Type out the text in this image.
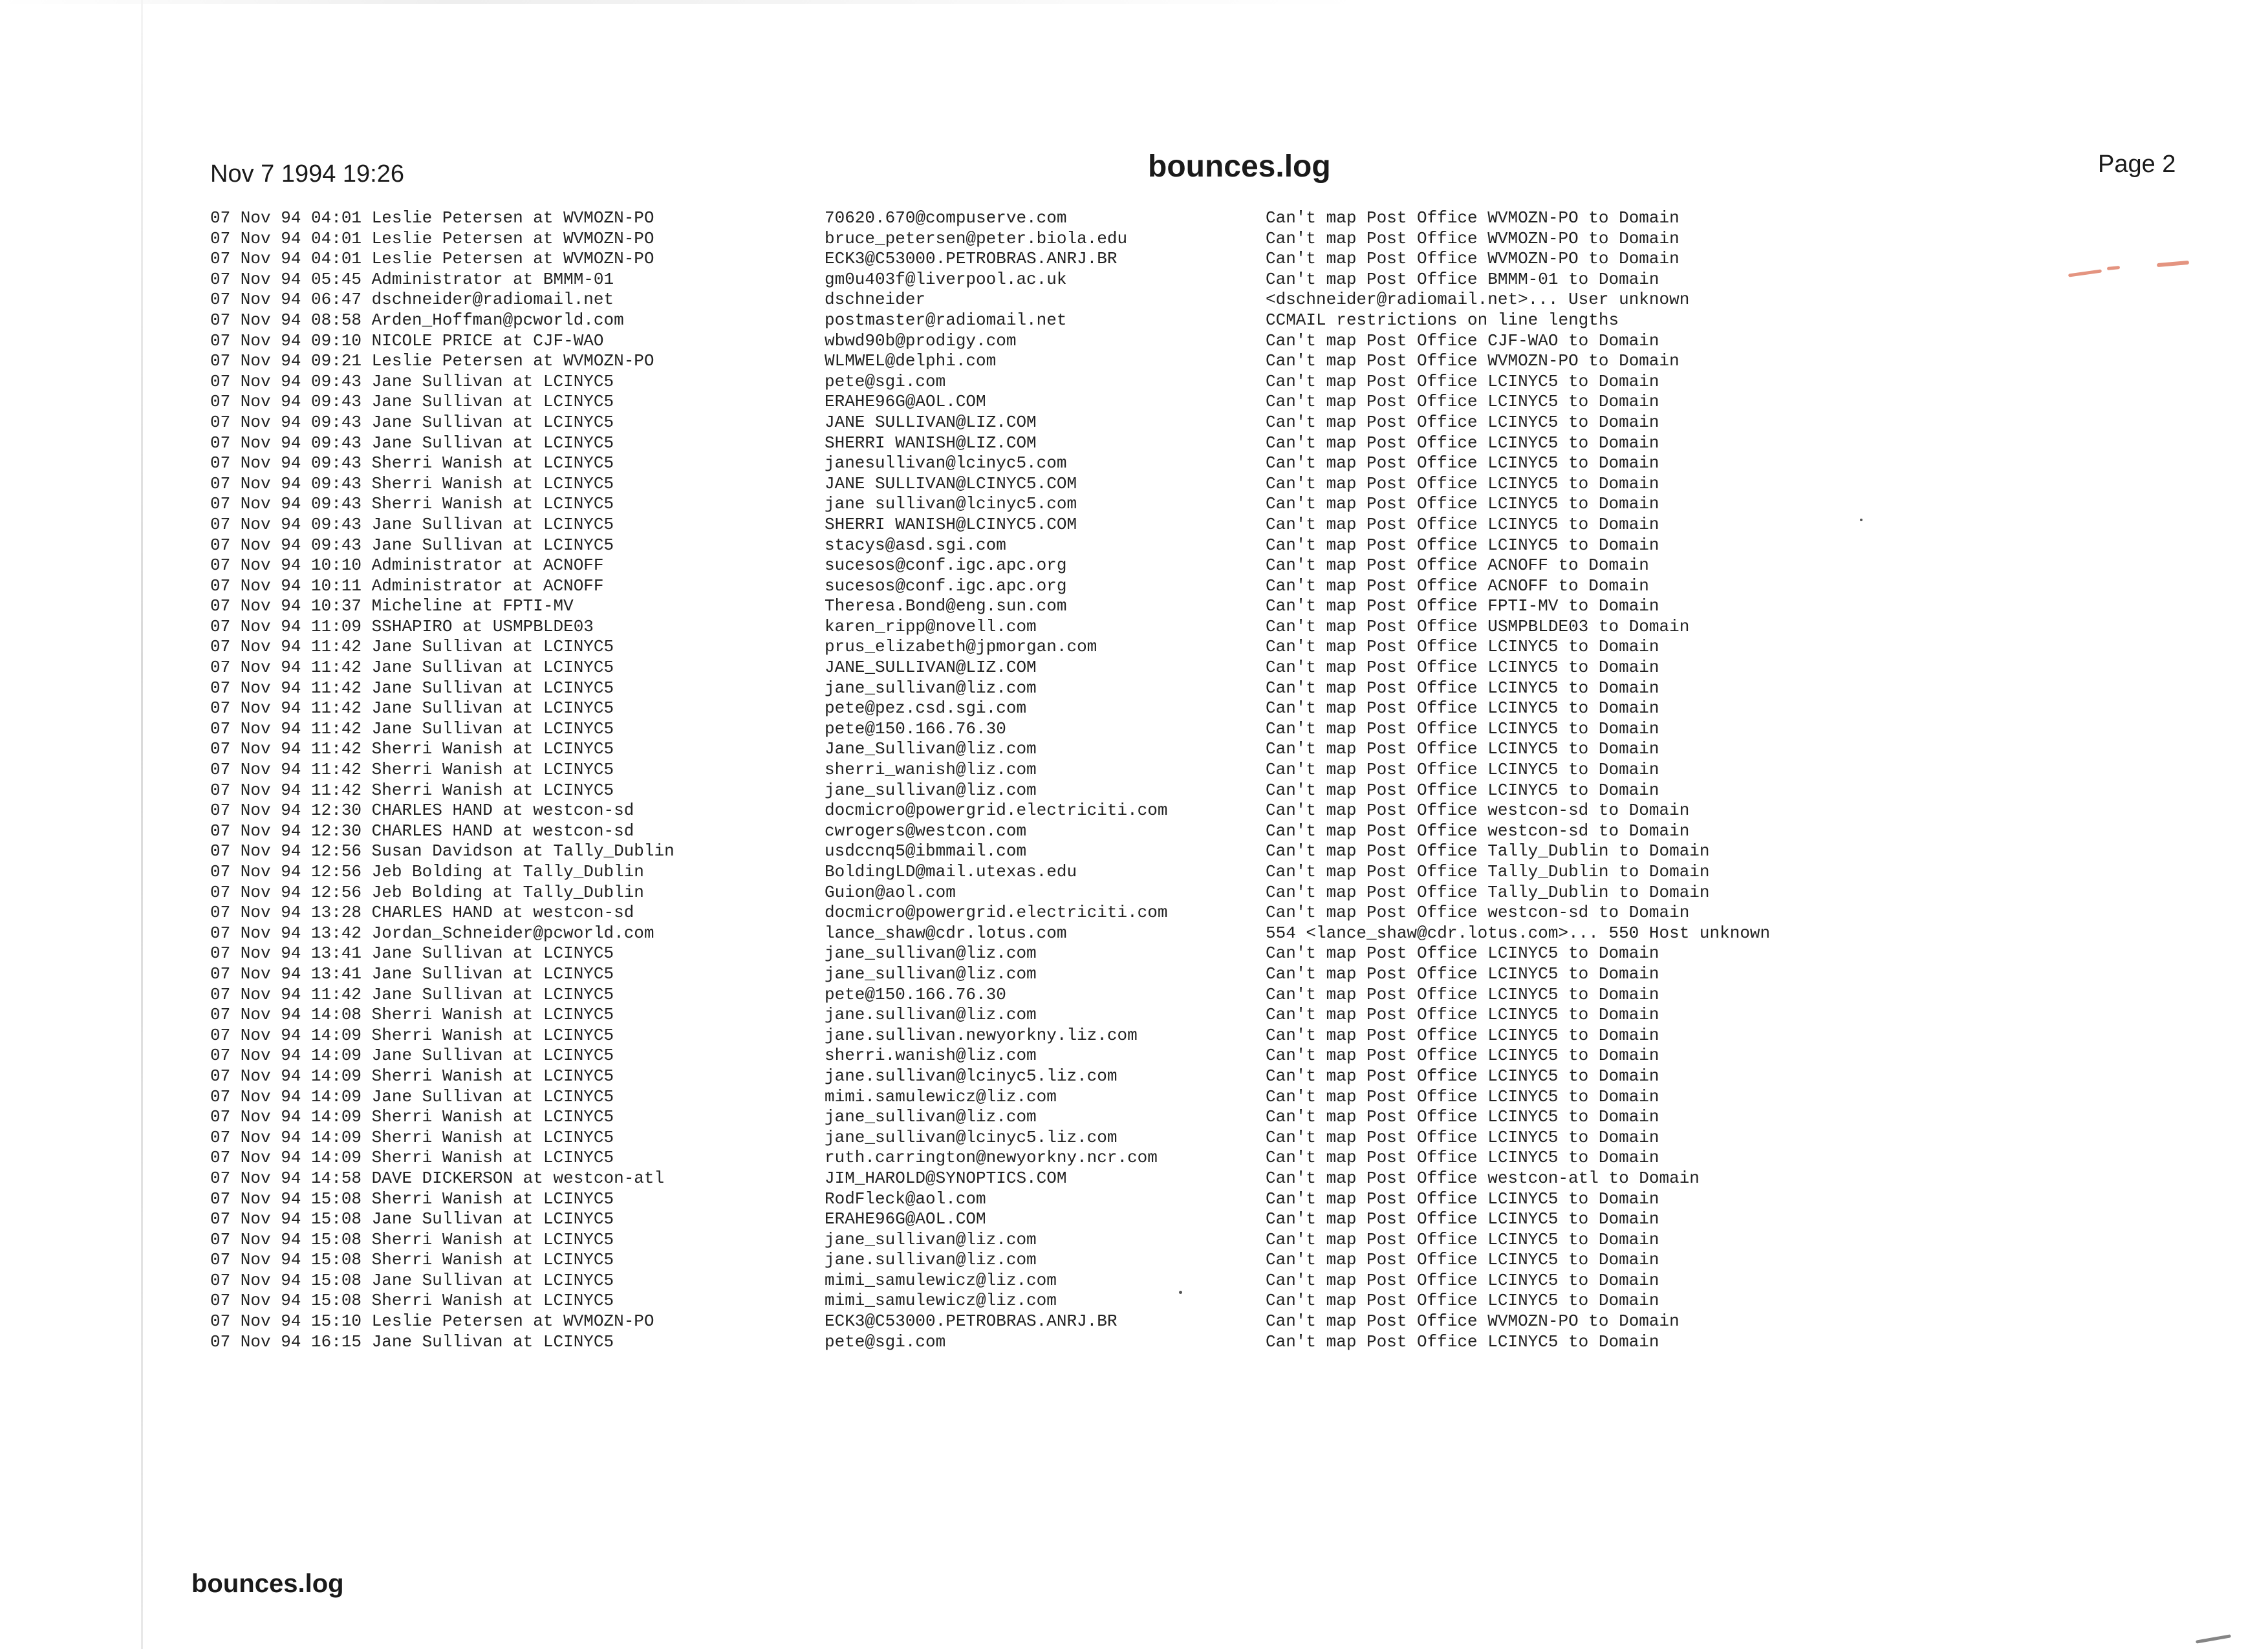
Nov 7 1994 19:26	bounces.log	Page 2
07 Nov 94 04:01 Leslie Petersen at WVMOZN-PO	70620.670@compuserve.com	Can't map Post Office WVMOZN-PO to Domain
07 Nov 94 04:01 Leslie Petersen at WVMOZN-PO	bruce_petersen@peter.biola.edu	Can't map Post Office WVMOZN-PO to Domain
07 Nov 94 04:01 Leslie Petersen at WVMOZN-PO	ECK3@C53000.PETROBRAS.ANRJ.BR	Can't map Post Office WVMOZN-PO to Domain
07 Nov 94 05:45 Administrator at BMMM-01	gm0u403f@liverpool.ac.uk	Can't map Post Office BMMM-01 to Domain
07 Nov 94 06:47 dschneider@radiomail.net	dschneider	<dschneider@radiomail.net>... User unknown
07 Nov 94 08:58 Arden_Hoffman@pcworld.com	postmaster@radiomail.net	CCMAIL restrictions on line lengths
07 Nov 94 09:10 NICOLE PRICE at CJF-WAO	wbwd90b@prodigy.com	Can't map Post Office CJF-WAO to Domain
07 Nov 94 09:21 Leslie Petersen at WVMOZN-PO	WLMWEL@delphi.com	Can't map Post Office WVMOZN-PO to Domain
07 Nov 94 09:43 Jane Sullivan at LCINYC5	pete@sgi.com	Can't map Post Office LCINYC5 to Domain
07 Nov 94 09:43 Jane Sullivan at LCINYC5	ERAHE96G@AOL.COM	Can't map Post Office LCINYC5 to Domain
07 Nov 94 09:43 Jane Sullivan at LCINYC5	JANE SULLIVAN@LIZ.COM	Can't map Post Office LCINYC5 to Domain
07 Nov 94 09:43 Jane Sullivan at LCINYC5	SHERRI WANISH@LIZ.COM	Can't map Post Office LCINYC5 to Domain
07 Nov 94 09:43 Sherri Wanish at LCINYC5	janesullivan@lcinyc5.com	Can't map Post Office LCINYC5 to Domain
07 Nov 94 09:43 Sherri Wanish at LCINYC5	JANE SULLIVAN@LCINYC5.COM	Can't map Post Office LCINYC5 to Domain
07 Nov 94 09:43 Sherri Wanish at LCINYC5	jane sullivan@lcinyc5.com	Can't map Post Office LCINYC5 to Domain
07 Nov 94 09:43 Jane Sullivan at LCINYC5	SHERRI WANISH@LCINYC5.COM	Can't map Post Office LCINYC5 to Domain
07 Nov 94 09:43 Jane Sullivan at LCINYC5	stacys@asd.sgi.com	Can't map Post Office LCINYC5 to Domain
07 Nov 94 10:10 Administrator at ACNOFF	sucesos@conf.igc.apc.org	Can't map Post Office ACNOFF to Domain
07 Nov 94 10:11 Administrator at ACNOFF	sucesos@conf.igc.apc.org	Can't map Post Office ACNOFF to Domain
07 Nov 94 10:37 Micheline at FPTI-MV	Theresa.Bond@eng.sun.com	Can't map Post Office FPTI-MV to Domain
07 Nov 94 11:09 SSHAPIRO at USMPBLDE03	karen_ripp@novell.com	Can't map Post Office USMPBLDE03 to Domain
07 Nov 94 11:42 Jane Sullivan at LCINYC5	prus_elizabeth@jpmorgan.com	Can't map Post Office LCINYC5 to Domain
07 Nov 94 11:42 Jane Sullivan at LCINYC5	JANE_SULLIVAN@LIZ.COM	Can't map Post Office LCINYC5 to Domain
07 Nov 94 11:42 Jane Sullivan at LCINYC5	jane_sullivan@liz.com	Can't map Post Office LCINYC5 to Domain
07 Nov 94 11:42 Jane Sullivan at LCINYC5	pete@pez.csd.sgi.com	Can't map Post Office LCINYC5 to Domain
07 Nov 94 11:42 Jane Sullivan at LCINYC5	pete@150.166.76.30	Can't map Post Office LCINYC5 to Domain
07 Nov 94 11:42 Sherri Wanish at LCINYC5	Jane_Sullivan@liz.com	Can't map Post Office LCINYC5 to Domain
07 Nov 94 11:42 Sherri Wanish at LCINYC5	sherri_wanish@liz.com	Can't map Post Office LCINYC5 to Domain
07 Nov 94 11:42 Sherri Wanish at LCINYC5	jane_sullivan@liz.com	Can't map Post Office LCINYC5 to Domain
07 Nov 94 12:30 CHARLES HAND at westcon-sd	docmicro@powergrid.electriciti.com	Can't map Post Office westcon-sd to Domain
07 Nov 94 12:30 CHARLES HAND at westcon-sd	cwrogers@westcon.com	Can't map Post Office westcon-sd to Domain
07 Nov 94 12:56 Susan Davidson at Tally_Dublin	usdccnq5@ibmmail.com	Can't map Post Office Tally_Dublin to Domain
07 Nov 94 12:56 Jeb Bolding at Tally_Dublin	BoldingLD@mail.utexas.edu	Can't map Post Office Tally_Dublin to Domain
07 Nov 94 12:56 Jeb Bolding at Tally_Dublin	Guion@aol.com	Can't map Post Office Tally_Dublin to Domain
07 Nov 94 13:28 CHARLES HAND at westcon-sd	docmicro@powergrid.electriciti.com	Can't map Post Office westcon-sd to Domain
07 Nov 94 13:42 Jordan_Schneider@pcworld.com	lance_shaw@cdr.lotus.com	554 <lance_shaw@cdr.lotus.com>... 550 Host unknown
07 Nov 94 13:41 Jane Sullivan at LCINYC5	jane_sullivan@liz.com	Can't map Post Office LCINYC5 to Domain
07 Nov 94 13:41 Jane Sullivan at LCINYC5	jane_sullivan@liz.com	Can't map Post Office LCINYC5 to Domain
07 Nov 94 11:42 Jane Sullivan at LCINYC5	pete@150.166.76.30	Can't map Post Office LCINYC5 to Domain
07 Nov 94 14:08 Sherri Wanish at LCINYC5	jane.sullivan@liz.com	Can't map Post Office LCINYC5 to Domain
07 Nov 94 14:09 Sherri Wanish at LCINYC5	jane.sullivan.newyorkny.liz.com	Can't map Post Office LCINYC5 to Domain
07 Nov 94 14:09 Jane Sullivan at LCINYC5	sherri.wanish@liz.com	Can't map Post Office LCINYC5 to Domain
07 Nov 94 14:09 Sherri Wanish at LCINYC5	jane.sullivan@lcinyc5.liz.com	Can't map Post Office LCINYC5 to Domain
07 Nov 94 14:09 Jane Sullivan at LCINYC5	mimi.samulewicz@liz.com	Can't map Post Office LCINYC5 to Domain
07 Nov 94 14:09 Sherri Wanish at LCINYC5	jane_sullivan@liz.com	Can't map Post Office LCINYC5 to Domain
07 Nov 94 14:09 Sherri Wanish at LCINYC5	jane_sullivan@lcinyc5.liz.com	Can't map Post Office LCINYC5 to Domain
07 Nov 94 14:09 Sherri Wanish at LCINYC5	ruth.carrington@newyorkny.ncr.com	Can't map Post Office LCINYC5 to Domain
07 Nov 94 14:58 DAVE DICKERSON at westcon-atl	JIM_HAROLD@SYNOPTICS.COM	Can't map Post Office westcon-atl to Domain
07 Nov 94 15:08 Sherri Wanish at LCINYC5	RodFleck@aol.com	Can't map Post Office LCINYC5 to Domain
07 Nov 94 15:08 Jane Sullivan at LCINYC5	ERAHE96G@AOL.COM	Can't map Post Office LCINYC5 to Domain
07 Nov 94 15:08 Sherri Wanish at LCINYC5	jane_sullivan@liz.com	Can't map Post Office LCINYC5 to Domain
07 Nov 94 15:08 Sherri Wanish at LCINYC5	jane.sullivan@liz.com	Can't map Post Office LCINYC5 to Domain
07 Nov 94 15:08 Jane Sullivan at LCINYC5	mimi_samulewicz@liz.com	Can't map Post Office LCINYC5 to Domain
07 Nov 94 15:08 Sherri Wanish at LCINYC5	mimi_samulewicz@liz.com	Can't map Post Office LCINYC5 to Domain
07 Nov 94 15:10 Leslie Petersen at WVMOZN-PO	ECK3@C53000.PETROBRAS.ANRJ.BR	Can't map Post Office WVMOZN-PO to Domain
07 Nov 94 16:15 Jane Sullivan at LCINYC5	pete@sgi.com	Can't map Post Office LCINYC5 to Domain
bounces.log
